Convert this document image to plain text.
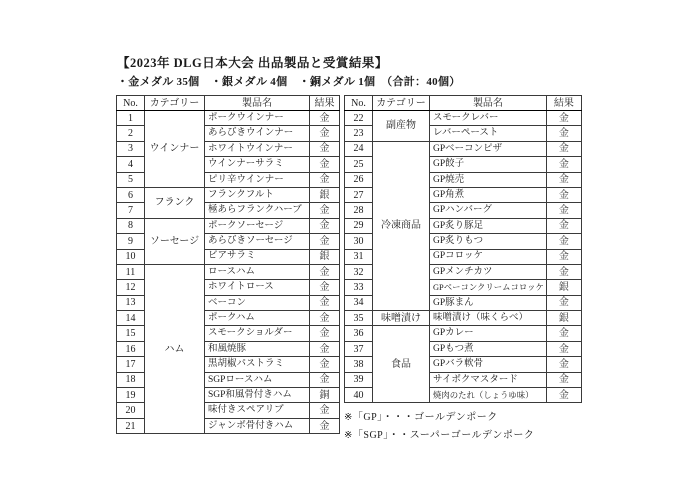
【2023年 DLG日本大会 出品製品と受賞結果】
・金メダル 35個　・銀メダル 4個　・銅メダル 1個　（合計：40個）
No.	カテゴリー	製品名	結果
1	ウインナー	ポークウインナー	金
2		あらびきウインナー	金
3		ホワイトウインナー	金
4		ウインナーサラミ	金
5		ピリ辛ウインナー	金
6	フランク	フランクフルト	銀
7		極あらフランクハーブ	金
8	ソーセージ	ポークソーセージ	金
9		あらびきソーセージ	金
10		ビアサラミ	銀
11	ハム	ロースハム	金
12		ホワイトロース	金
13		ベーコン	金
14		ポークハム	金
15		スモークショルダー	金
16		和風焼豚	金
17		黒胡椒パストラミ	金
18		SGPロースハム	金
19		SGP和風骨付きハム	銅
20		味付きスペアリブ	金
21		ジャンボ骨付きハム	金
No.	カテゴリー	製品名	結果
22	副産物	スモークレバー	金
23		レバーペースト	金
24	冷凍商品	GPベーコンピザ	金
25		GP餃子	金
26		GP焼売	金
27		GP角煮	金
28		GPハンバーグ	金
29		GP炙り豚足	金
30		GP炙りもつ	金
31		GPコロッケ	金
32		GPメンチカツ	金
33		GPベーコンクリームコロッケ	銀
34		GP豚まん	金
35	味噌漬け	味噌漬け（味くらべ）	銀
36	食品	GPカレー	金
37		GPもつ煮	金
38		GPバラ軟骨	金
39		サイボクマスタード	金
40		焼肉のたれ（しょうゆ味）	金
※「GP」・・・ゴールデンポーク
※「SGP」・・スーパーゴールデンポーク
